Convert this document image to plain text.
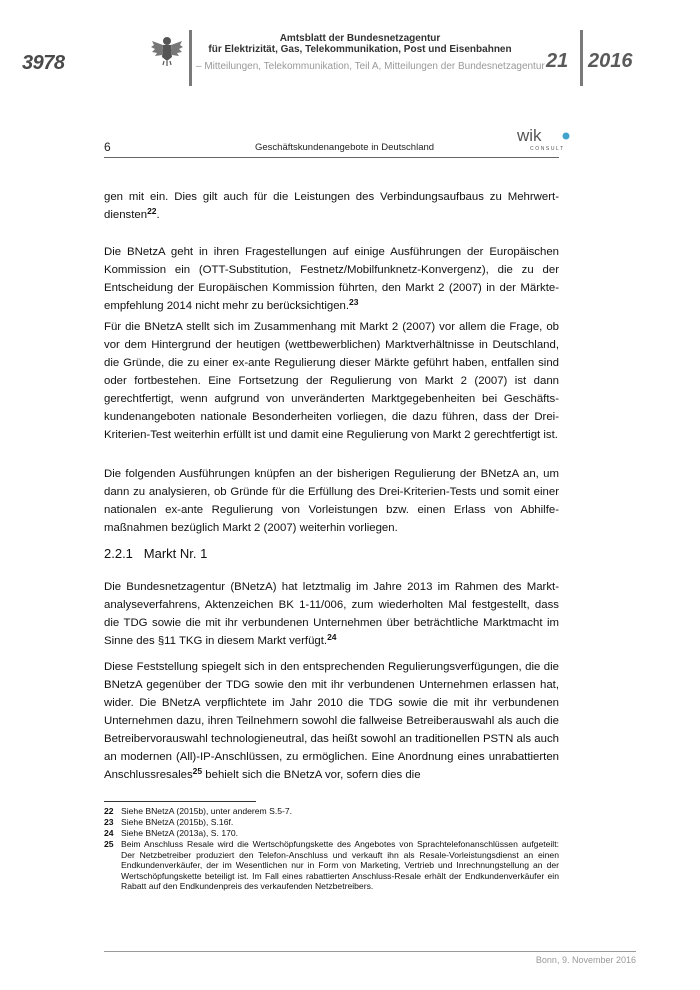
3978
Amtsblatt der Bundesnetzagentur
für Elektrizität, Gas, Telekommunikation, Post und Eisenbahnen
– Mitteilungen, Telekommunikation, Teil A, Mitteilungen der Bundesnetzagentur –
21 2016
6	Geschäftskundenangebote in Deutschland
wik
CONSULT
gen mit ein. Dies gilt auch für die Leistungen des Verbindungsaufbaus zu Mehrwertdiensten$^{22}$.
Die BNetzA geht in ihren Fragestellungen auf einige Ausführungen der Europäischen Kommission ein (OTT-Substitution, Festnetz/Mobilfunknetz-Konvergenz), die zu der Entscheidung der Europäischen Kommission führten, den Markt 2 (2007) in der Märkteempfehlung 2014 nicht mehr zu berücksichtigen.$^{23}$
Für die BNetzA stellt sich im Zusammenhang mit Markt 2 (2007) vor allem die Frage, ob vor dem Hintergrund der heutigen (wettbewerblichen) Marktverhältnisse in Deutschland, die Gründe, die zu einer ex-ante Regulierung dieser Märkte geführt haben, entfallen sind oder fortbestehen. Eine Fortsetzung der Regulierung von Markt 2 (2007) ist dann gerechtfertigt, wenn aufgrund von unveränderten Marktgegebenheiten bei Geschäftskundenangeboten nationale Besonderheiten vorliegen, die dazu führen, dass der Drei-Kriterien-Test weiterhin erfüllt ist und damit eine Regulierung von Markt 2 gerechtfertigt ist.
Die folgenden Ausführungen knüpfen an der bisherigen Regulierung der BNetzA an, um dann zu analysieren, ob Gründe für die Erfüllung des Drei-Kriterien-Tests und somit einer nationalen ex-ante Regulierung von Vorleistungen bzw. einen Erlass von Abhilfemaßnahmen bezüglich Markt 2 (2007) weiterhin vorliegen.
2.2.1 Markt Nr. 1
Die Bundesnetzagentur (BNetzA) hat letztmalig im Jahre 2013 im Rahmen des Marktanalyseverfahrens, Aktenzeichen BK 1-11/006, zum wiederholten Mal festgestellt, dass die TDG sowie die mit ihr verbundenen Unternehmen über beträchtliche Marktmacht im Sinne des §11 TKG in diesem Markt verfügt.$^{24}$
Diese Feststellung spiegelt sich in den entsprechenden Regulierungsverfügungen, die die BNetzA gegenüber der TDG sowie den mit ihr verbundenen Unternehmen erlassen hat, wider. Die BNetzA verpflichtete im Jahr 2010 die TDG sowie die mit ihr verbundenen Unternehmen dazu, ihren Teilnehmern sowohl die fallweise Betreiberauswahl als auch die Betreibervorauswahl technologieneutral, das heißt sowohl an traditionellen PSTN als auch an modernen (All)-IP-Anschlüssen, zu ermöglichen. Eine Anordnung eines unrabattierten Anschlussresales$^{25}$ behielt sich die BNetzA vor, sofern dies die
22 Siehe BNetzA (2015b), unter anderem S.5-7.
23 Siehe BNetzA (2015b), S.16f.
24 Siehe BNetzA (2013a), S. 170.
25 Beim Anschluss Resale wird die Wertschöpfungskette des Angebotes von Sprachtelefonanschlüssen aufgeteilt: Der Netzbetreiber produziert den Telefon-Anschluss und verkauft ihn als Resale-Vorleistungsdienst an einen Endkundenverkäufer, der im Wesentlichen nur in Form von Marketing, Vertrieb und Inrechnungstellung an der Wertschöpfungskette beteiligt ist. Im Fall eines rabattierten Anschluss-Resale erhält der Endkundenverkäufer ein Rabatt auf den Endkundenpreis des verkaufenden Netzbetreibers.
Bonn, 9. November 2016
